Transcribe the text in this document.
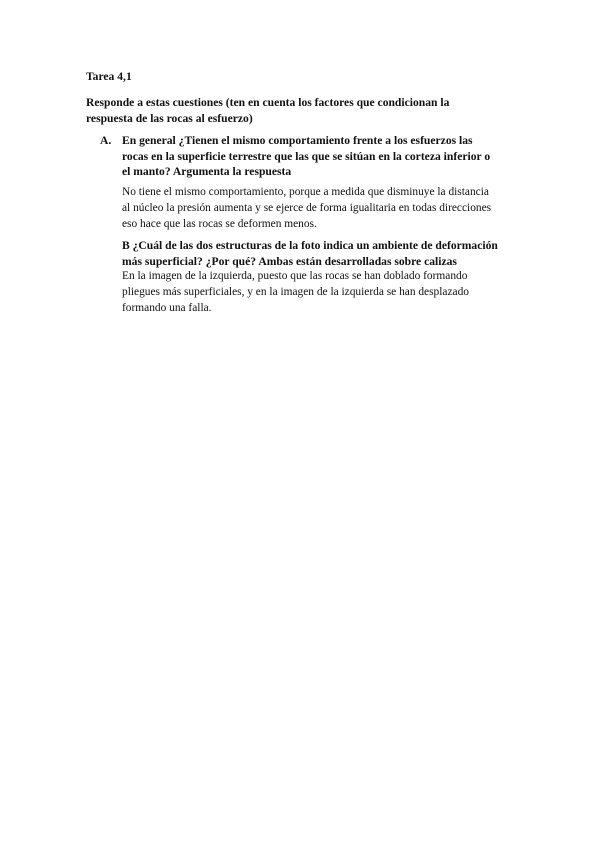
Tarea 4,1
Responde a estas cuestiones (ten en cuenta los factores que condicionan la
respuesta de las rocas al esfuerzo)
A. En general ¿Tienen el mismo comportamiento frente a los esfuerzos las
rocas en la superficie terrestre que las que se sitúan en la corteza inferior o
el manto? Argumenta la respuesta
No tiene el mismo comportamiento, porque a medida que disminuye la distancia
al núcleo la presión aumenta y se ejerce de forma igualitaria en todas direcciones
eso hace que las rocas se deformen menos.
B ¿Cuál de las dos estructuras de la foto indica un ambiente de deformación
más superficial? ¿Por qué? Ambas están desarrolladas sobre calizas
En la imagen de la izquierda, puesto que las rocas se han doblado formando
pliegues más superficiales, y en la imagen de la izquierda se han desplazado
formando una falla.
